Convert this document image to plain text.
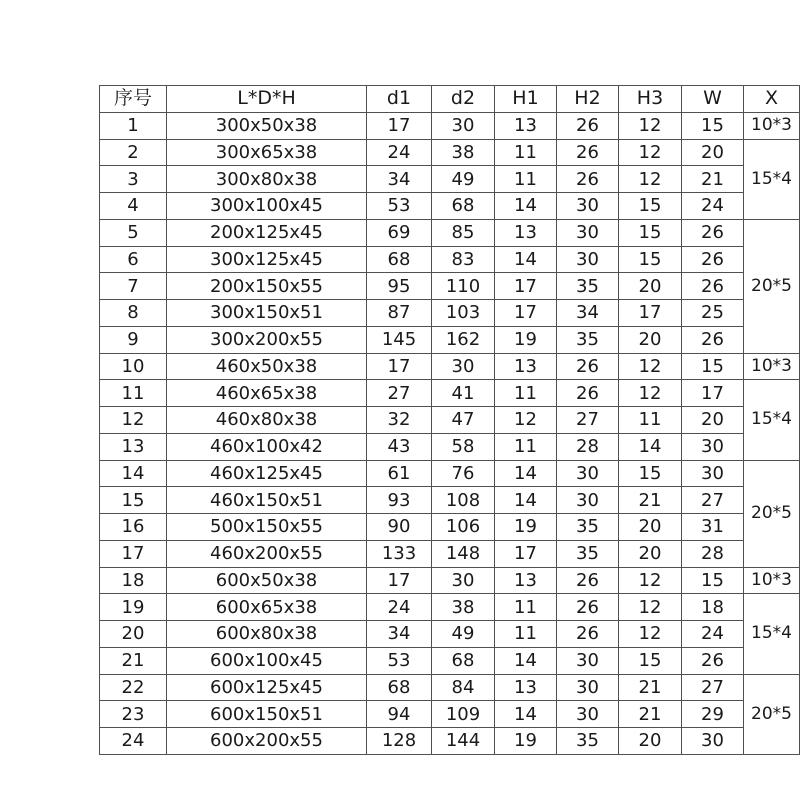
序号	L*D*H	d1	d2	H1	H2	H3	W	X
1	300x50x38	17	30	13	26	12	15	10*3
2	300x65x38	24	38	11	26	12	20	15*4
3	300x80x38	34	49	11	26	12	21	
4	300x100x45	53	68	14	30	15	24	
5	200x125x45	69	85	13	30	15	26	20*5
6	300x125x45	68	83	14	30	15	26	
7	200x150x55	95	110	17	35	20	26	
8	300x150x51	87	103	17	34	17	25	
9	300x200x55	145	162	19	35	20	26	
10	460x50x38	17	30	13	26	12	15	10*3
11	460x65x38	27	41	11	26	12	17	15*4
12	460x80x38	32	47	12	27	11	20	
13	460x100x42	43	58	11	28	14	30	
14	460x125x45	61	76	14	30	15	30	20*5
15	460x150x51	93	108	14	30	21	27	
16	500x150x55	90	106	19	35	20	31	
17	460x200x55	133	148	17	35	20	28	
18	600x50x38	17	30	13	26	12	15	10*3
19	600x65x38	24	38	11	26	12	18	15*4
20	600x80x38	34	49	11	26	12	24	
21	600x100x45	53	68	14	30	15	26	
22	600x125x45	68	84	13	30	21	27	20*5
23	600x150x51	94	109	14	30	21	29	
24	600x200x55	128	144	19	35	20	30	
